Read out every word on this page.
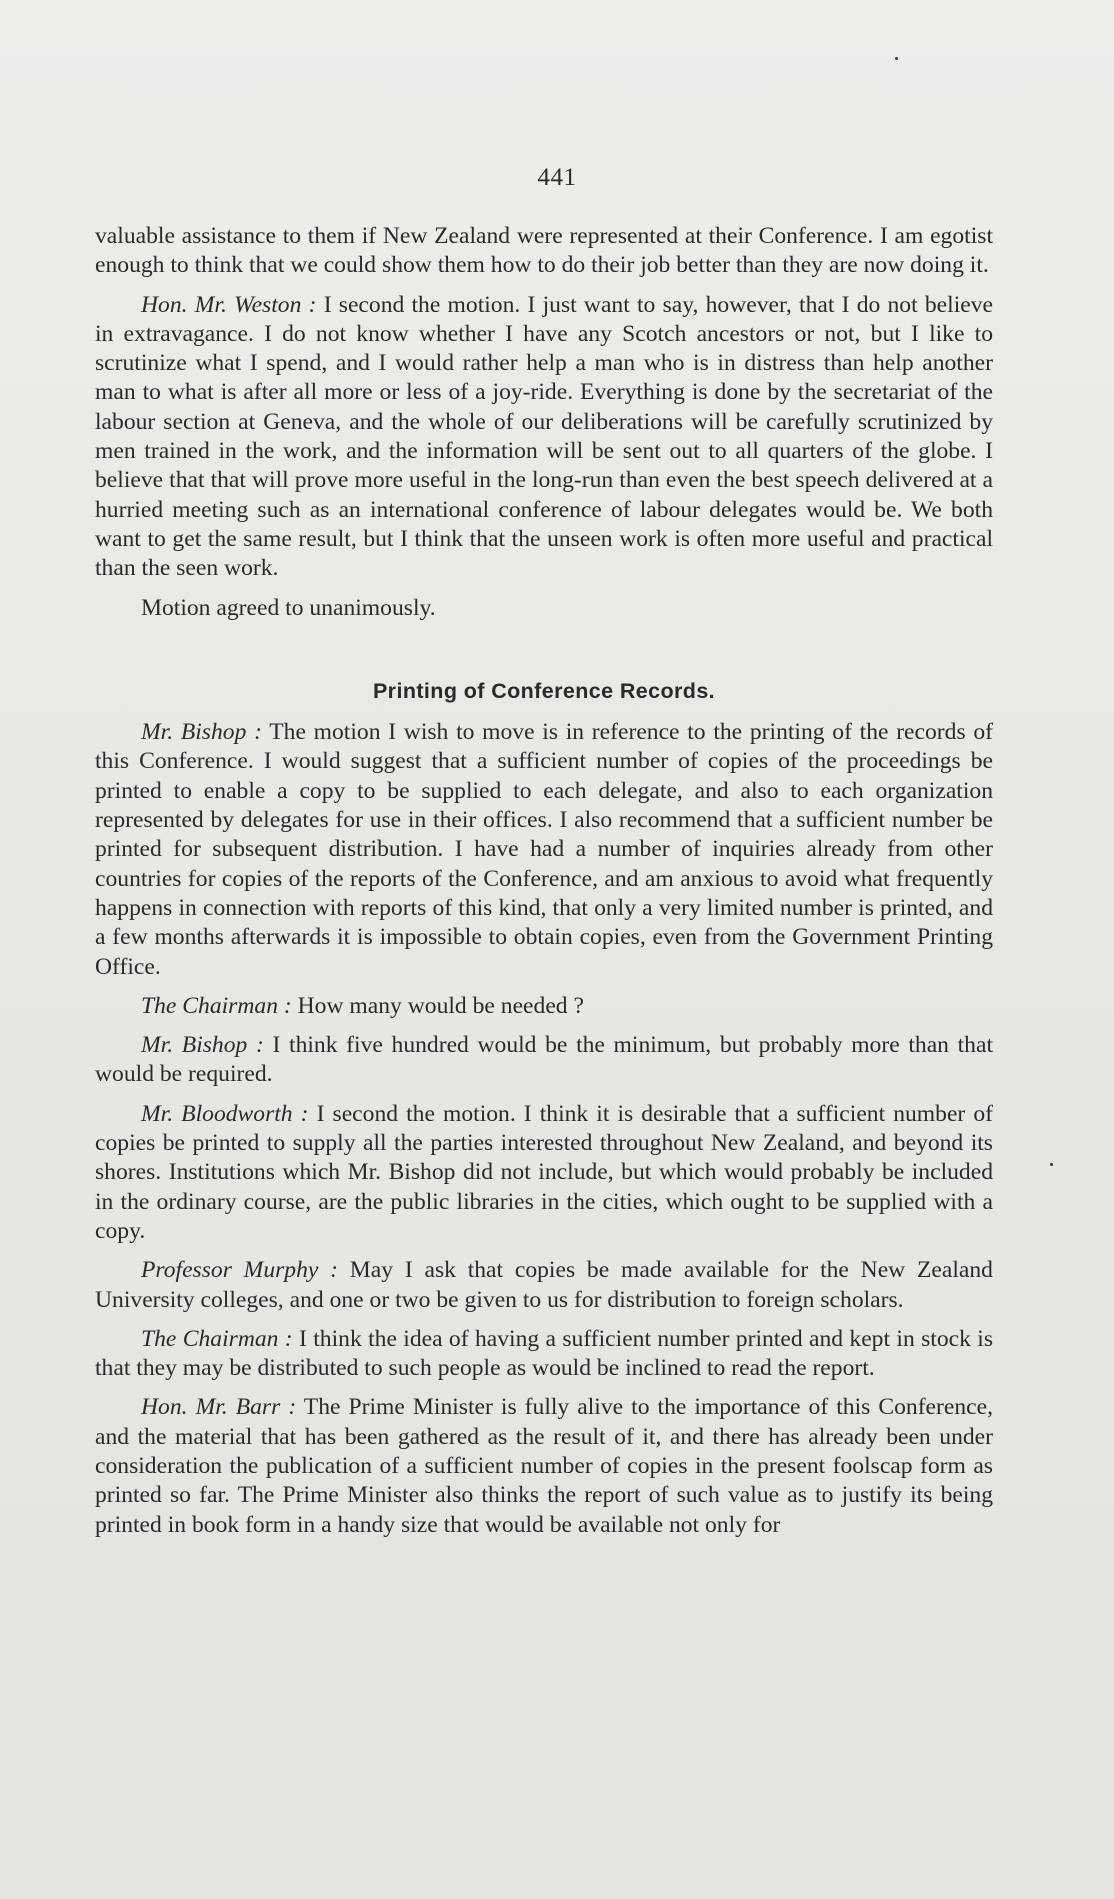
441

valuable assistance to them if New Zealand were represented at their Conference. I am egotist enough to think that we could show them how to do their job better than they are now doing it.

Hon. Mr. Weston : I second the motion. I just want to say, however, that I do not believe in extravagance. I do not know whether I have any Scotch ancestors or not, but I like to scrutinize what I spend, and I would rather help a man who is in distress than help another man to what is after all more or less of a joy-ride. Everything is done by the secretariat of the labour section at Geneva, and the whole of our deliberations will be carefully scrutinized by men trained in the work, and the information will be sent out to all quarters of the globe. I believe that that will prove more useful in the long-run than even the best speech delivered at a hurried meeting such as an international conference of labour delegates would be. We both want to get the same result, but I think that the unseen work is often more useful and practical than the seen work.

Motion agreed to unanimously.

Printing of Conference Records.

Mr. Bishop : The motion I wish to move is in reference to the printing of the records of this Conference. I would suggest that a sufficient number of copies of the proceedings be printed to enable a copy to be supplied to each delegate, and also to each organization represented by delegates for use in their offices. I also recommend that a sufficient number be printed for subsequent distribution. I have had a number of inquiries already from other countries for copies of the reports of the Conference, and am anxious to avoid what frequently happens in connection with reports of this kind, that only a very limited number is printed, and a few months afterwards it is impossible to obtain copies, even from the Government Printing Office.

The Chairman : How many would be needed ?

Mr. Bishop : I think five hundred would be the minimum, but probably more than that would be required.

Mr. Bloodworth : I second the motion. I think it is desirable that a sufficient number of copies be printed to supply all the parties interested throughout New Zealand, and beyond its shores. Institutions which Mr. Bishop did not include, but which would probably be included in the ordinary course, are the public libraries in the cities, which ought to be supplied with a copy.

Professor Murphy : May I ask that copies be made available for the New Zealand University colleges, and one or two be given to us for distribution to foreign scholars.

The Chairman : I think the idea of having a sufficient number printed and kept in stock is that they may be distributed to such people as would be inclined to read the report.

Hon. Mr. Barr : The Prime Minister is fully alive to the importance of this Conference, and the material that has been gathered as the result of it, and there has already been under consideration the publication of a sufficient number of copies in the present foolscap form as printed so far. The Prime Minister also thinks the report of such value as to justify its being printed in book form in a handy size that would be available not only for
